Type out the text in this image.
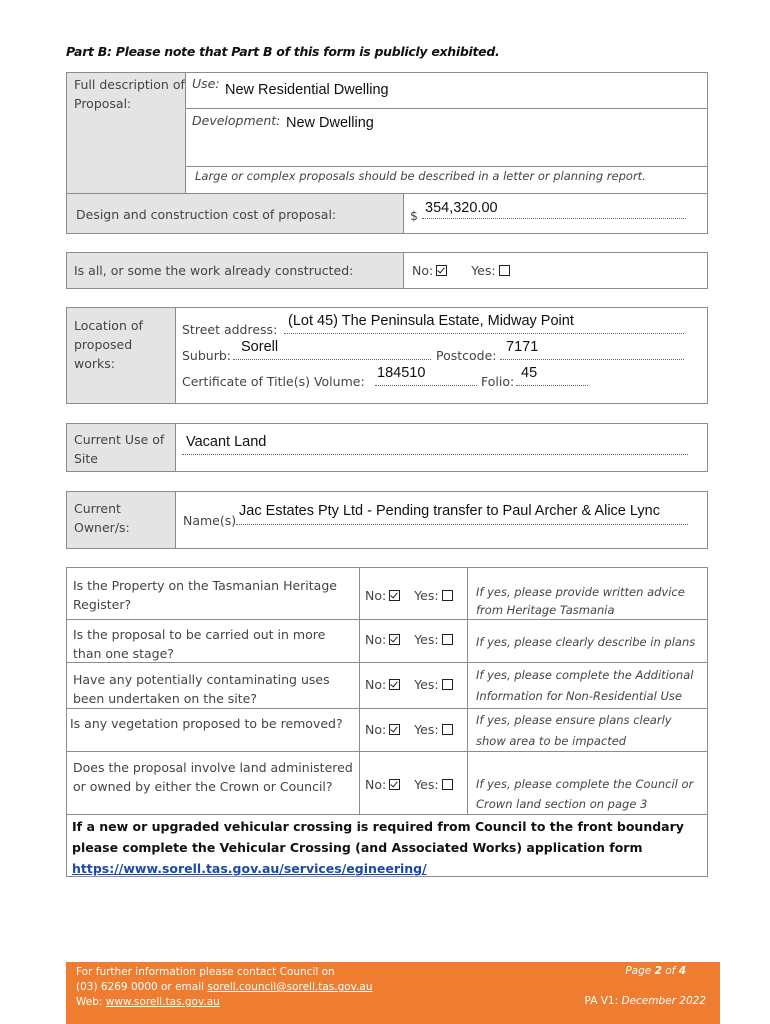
Part B: Please note that Part B of this form is publicly exhibited.
Full description of Proposal:
Use: New Residential Dwelling
Development: New Dwelling
Large or complex proposals should be described in a letter or planning report.
Design and construction cost of proposal:	$ 354,320.00
Is all, or some the work already constructed:	No:	Yes:
Location of proposed works:
Street address:
(Lot 45) The Peninsula Estate, Midway Point
Suburb:
Sorell
Postcode:
7171
Certificate of Title(s) Volume:
184510
Folio:
45
Current Use of Site
Vacant Land
Current Owner/s:	Name(s)
Jac Estates Pty Ltd - Pending transfer to Paul Archer & Alice Lync
Is the Property on the Tasmanian Heritage Register?
No: Yes:	If yes, please provide written advice from Heritage Tasmania
Is the proposal to be carried out in more than one stage?
No: Yes:	If yes, please clearly describe in plans
Have any potentially contaminating uses been undertaken on the site?
No: Yes:
If yes, please complete the Additional Information for Non-Residential Use
Is any vegetation proposed to be removed?	No: Yes:
If yes, please ensure plans clearly show area to be impacted
Does the proposal involve land administered or owned by either the Crown or Council?	No: Yes:	If yes, please complete the Council or Crown land section on page 3
If a new or upgraded vehicular crossing is required from Council to the front boundary please complete the Vehicular Crossing (and Associated Works) application form
https://www.sorell.tas.gov.au/services/egineering/
For further information please contact Council on
(03) 6269 0000 or email sorell.council@sorell.tas.gov.au
Web: www.sorell.tas.gov.au
Page 2 of 4
PA V1: December 2022
